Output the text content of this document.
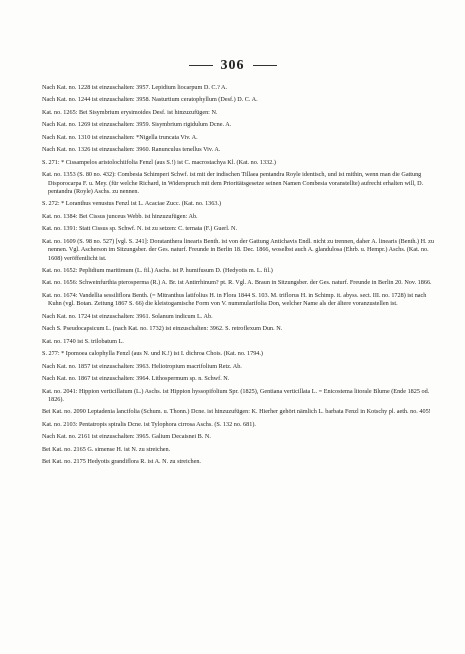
306
Nach Kat. no. 1228 ist einzuschalten: 3957. Lepidium liocarpum D. C.? A.
Nach Kat. no. 1244 ist einzuschalten: 3958. Nasturtium ceratophyllum (Desf.) D. C. A.
Kat. no. 1265: Bei Sisymbrium erysimoides Desf. ist hinzuzufügen: N.
Nach Kat. no. 1269 ist einzuschalten: 3959. Sisymbrium rigidulum Dcne. A.
Nach Kat. no. 1310 ist einzuschalten: *Nigella truncata Viv. A.
Nach Kat. no. 1326 ist einzuschalten: 3960. Ranunculus tenellus Viv. A.
S. 271: * Cissampelos aristolochiifolia Fenzl (aus S.!) ist C. macrostachya Kl. (Kat. no. 1332.)
Kat. no. 1353 (S. 80 no. 432): Combesia Schimperi Schwf. ist mit der indischen Tillaea pentandra Royle identisch, und ist mithin, wenn man die Gattung Disporocarpa F. u. Mey. (für welche Richard, in Widerspruch mit dem Prioritätsgesetze seinen Namen Combesia voranstellte) aufrecht erhalten will, D. pentandra (Royle) Aschs. zu nennen.
S. 272: * Loranthus venustus Fenzl ist L. Acaciae Zucc. (Kat. no. 1363.)
Kat. no. 1384: Bei Cissus junceus Webb. ist hinzuzufügen: Ab.
Kat. no. 1391: Statt Cissus sp. Schwf. N. ist zu setzen: C. ternata (F.) Guerl. N.
Kat. no. 1609 (S. 98 no. 527) [vgl. S. 241]: Doratanthera linearis Benth. ist von der Gattung Antichavis Endl. nicht zu trennen, daher A. linearis (Benth.) H. zu nennen. Vgl. Ascherson im Sitzungsber. der Ges. naturf. Freunde in Berlin 18. Dec. 1866, woselbst auch A. glandulosa (Ehrb. u. Hempr.) Aschs. (Kat. no. 1608) veröffentlicht ist.
Kat. no. 1652: Peplidium maritimum (L. fil.) Aschs. ist P. humifusum D. (Hedyotis m. L. fil.)
Kat. no. 1656: Schweinfurthia pterosperma (R.) A. Br. ist Antirrhinum? pt. R. Vgl. A. Braun in Sitzungsber. der Ges. naturf. Freunde in Berlin 20. Nov. 1866.
Kat. no. 1674: Vandellia sessiliflora Benth. (= Mitranthus latifolius H. in Flora 1844 S. 103. M. triflorus H. in Schimp. it. abyss. sect. III. no. 1728) ist nach Kuhn (vgl. Botan. Zeitung 1867 S. 66) die kleistogamische Form von V. nummularifolia Don, welcher Name als der ältere voranzustellen ist.
Nach Kat. no. 1724 ist einzuschalten: 3961. Solanum indicum L. Ab.
Nach S. Pseudocapsicum L. (nach Kat. no. 1732) ist einzuschalten: 3962. S. retroflexum Dun. N.
Kat. no. 1740 ist S. trilobatum L.
S. 277: * Ipomoea calophylla Fenzl (aus N. und K.!) ist I. dichroa Chois. (Kat. no. 1794.)
Nach Kat. no. 1857 ist einzuschalten: 3963. Heliotropium macrifolium Retz. Ab.
Nach Kat. no. 1867 ist einzuschalten: 3964. Lithospermum sp. n. Schwf. N.
Kat. no. 2041: Hippion verticillatum (L.) Aschs. ist Hippion hyssopifolium Spr. (1825), Gentiana verticillata L. = Enicostema litorale Blume (Ende 1825 od. 1826).
Bei Kat. no. 2090 Leptadenia lancifolia (Schum. u. Thonn.) Dcne. ist hinzuzufügen: K. Hierher gehört nämlich L. barbata Fenzl in Kotschy pl. aeth. no. 405!
Kat. no. 2103: Pentatropis spiralis Dcne. ist Tylophora cirrosa Aschs. (S. 132 no. 681).
Nach Kat. no. 2161 ist einzuschalten: 3965. Galium Decaisnei B. N.
Bei Kat. no. 2165 G. simense H. ist N. zu streichen.
Bei Kat. no. 2175 Hedyotis grandiflora R. ist A. N. zu streichen.
